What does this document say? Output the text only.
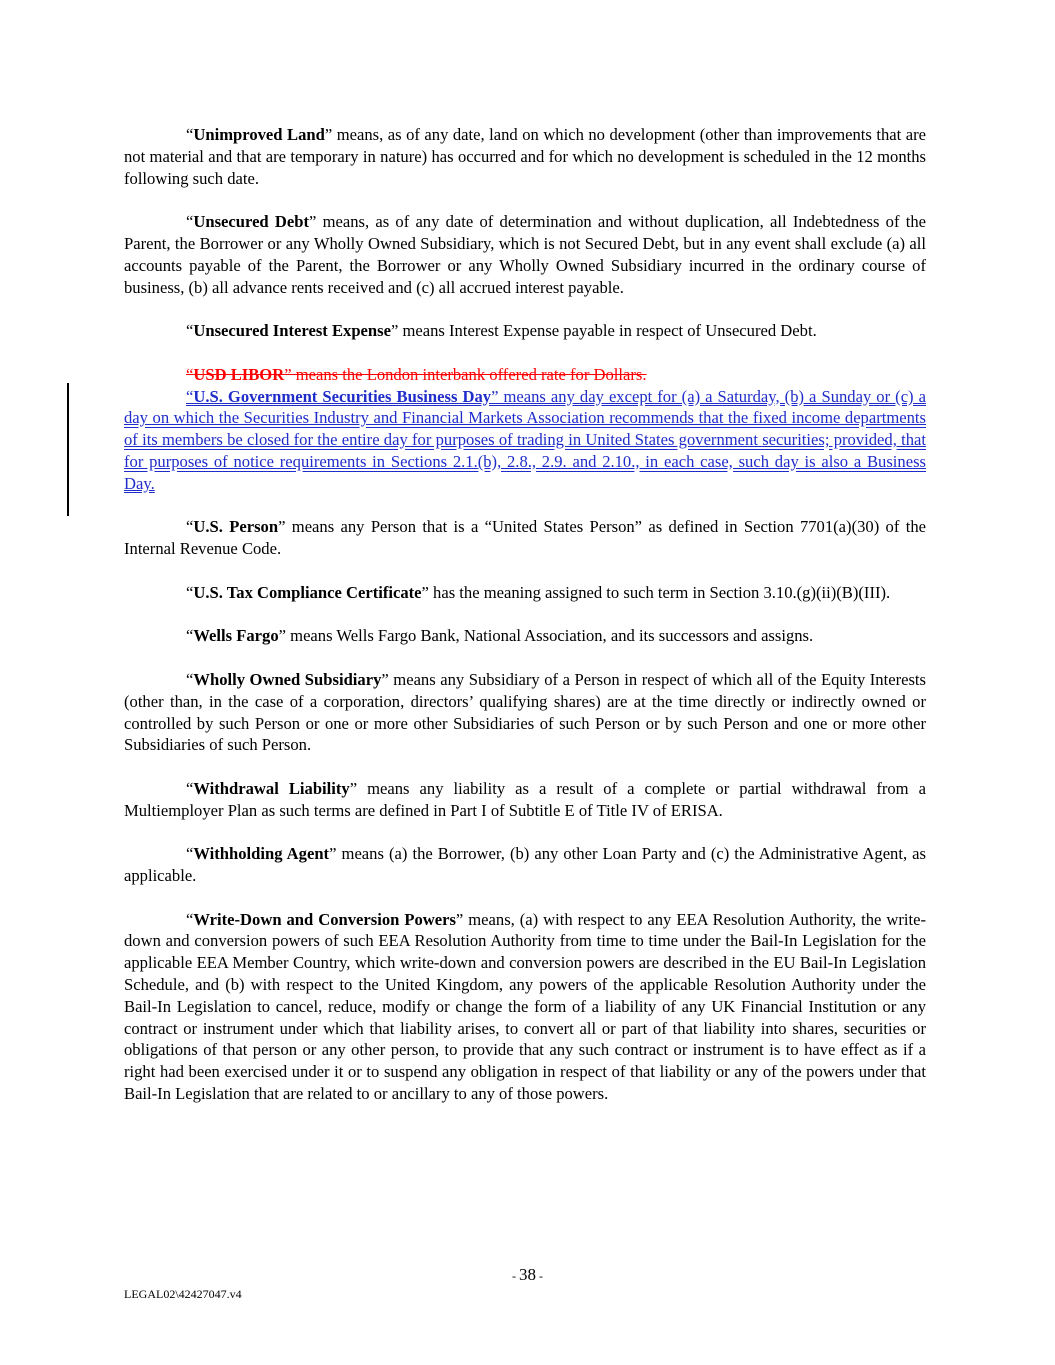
“Unimproved Land” means, as of any date, land on which no development (other than improvements that are not material and that are temporary in nature) has occurred and for which no development is scheduled in the 12 months following such date.

“Unsecured Debt” means, as of any date of determination and without duplication, all Indebtedness of the Parent, the Borrower or any Wholly Owned Subsidiary, which is not Secured Debt, but in any event shall exclude (a) all accounts payable of the Parent, the Borrower or any Wholly Owned Subsidiary incurred in the ordinary course of business, (b) all advance rents received and (c) all accrued interest payable.

“Unsecured Interest Expense” means Interest Expense payable in respect of Unsecured Debt.

“USD LIBOR” means the London interbank offered rate for Dollars.

“U.S. Government Securities Business Day” means any day except for (a) a Saturday, (b) a Sunday or (c) a day on which the Securities Industry and Financial Markets Association recommends that the fixed income departments of its members be closed for the entire day for purposes of trading in United States government securities; provided, that for purposes of notice requirements in Sections 2.1.(b), 2.8., 2.9. and 2.10., in each case, such day is also a Business Day.

“U.S. Person” means any Person that is a “United States Person” as defined in Section 7701(a)(30) of the Internal Revenue Code.

“U.S. Tax Compliance Certificate” has the meaning assigned to such term in Section 3.10.(g)(ii)(B)(III).

“Wells Fargo” means Wells Fargo Bank, National Association, and its successors and assigns.

“Wholly Owned Subsidiary” means any Subsidiary of a Person in respect of which all of the Equity Interests (other than, in the case of a corporation, directors’ qualifying shares) are at the time directly or indirectly owned or controlled by such Person or one or more other Subsidiaries of such Person or by such Person and one or more other Subsidiaries of such Person.

“Withdrawal Liability” means any liability as a result of a complete or partial withdrawal from a Multiemployer Plan as such terms are defined in Part I of Subtitle E of Title IV of ERISA.

“Withholding Agent” means (a) the Borrower, (b) any other Loan Party and (c) the Administrative Agent, as applicable.

“Write-Down and Conversion Powers” means, (a) with respect to any EEA Resolution Authority, the write-down and conversion powers of such EEA Resolution Authority from time to time under the Bail-In Legislation for the applicable EEA Member Country, which write-down and conversion powers are described in the EU Bail-In Legislation Schedule, and (b) with respect to the United Kingdom, any powers of the applicable Resolution Authority under the Bail-In Legislation to cancel, reduce, modify or change the form of a liability of any UK Financial Institution or any contract or instrument under which that liability arises, to convert all or part of that liability into shares, securities or obligations of that person or any other person, to provide that any such contract or instrument is to have effect as if a right had been exercised under it or to suspend any obligation in respect of that liability or any of the powers under that Bail-In Legislation that are related to or ancillary to any of those powers.

- 38 -
LEGAL02\42427047.v4
